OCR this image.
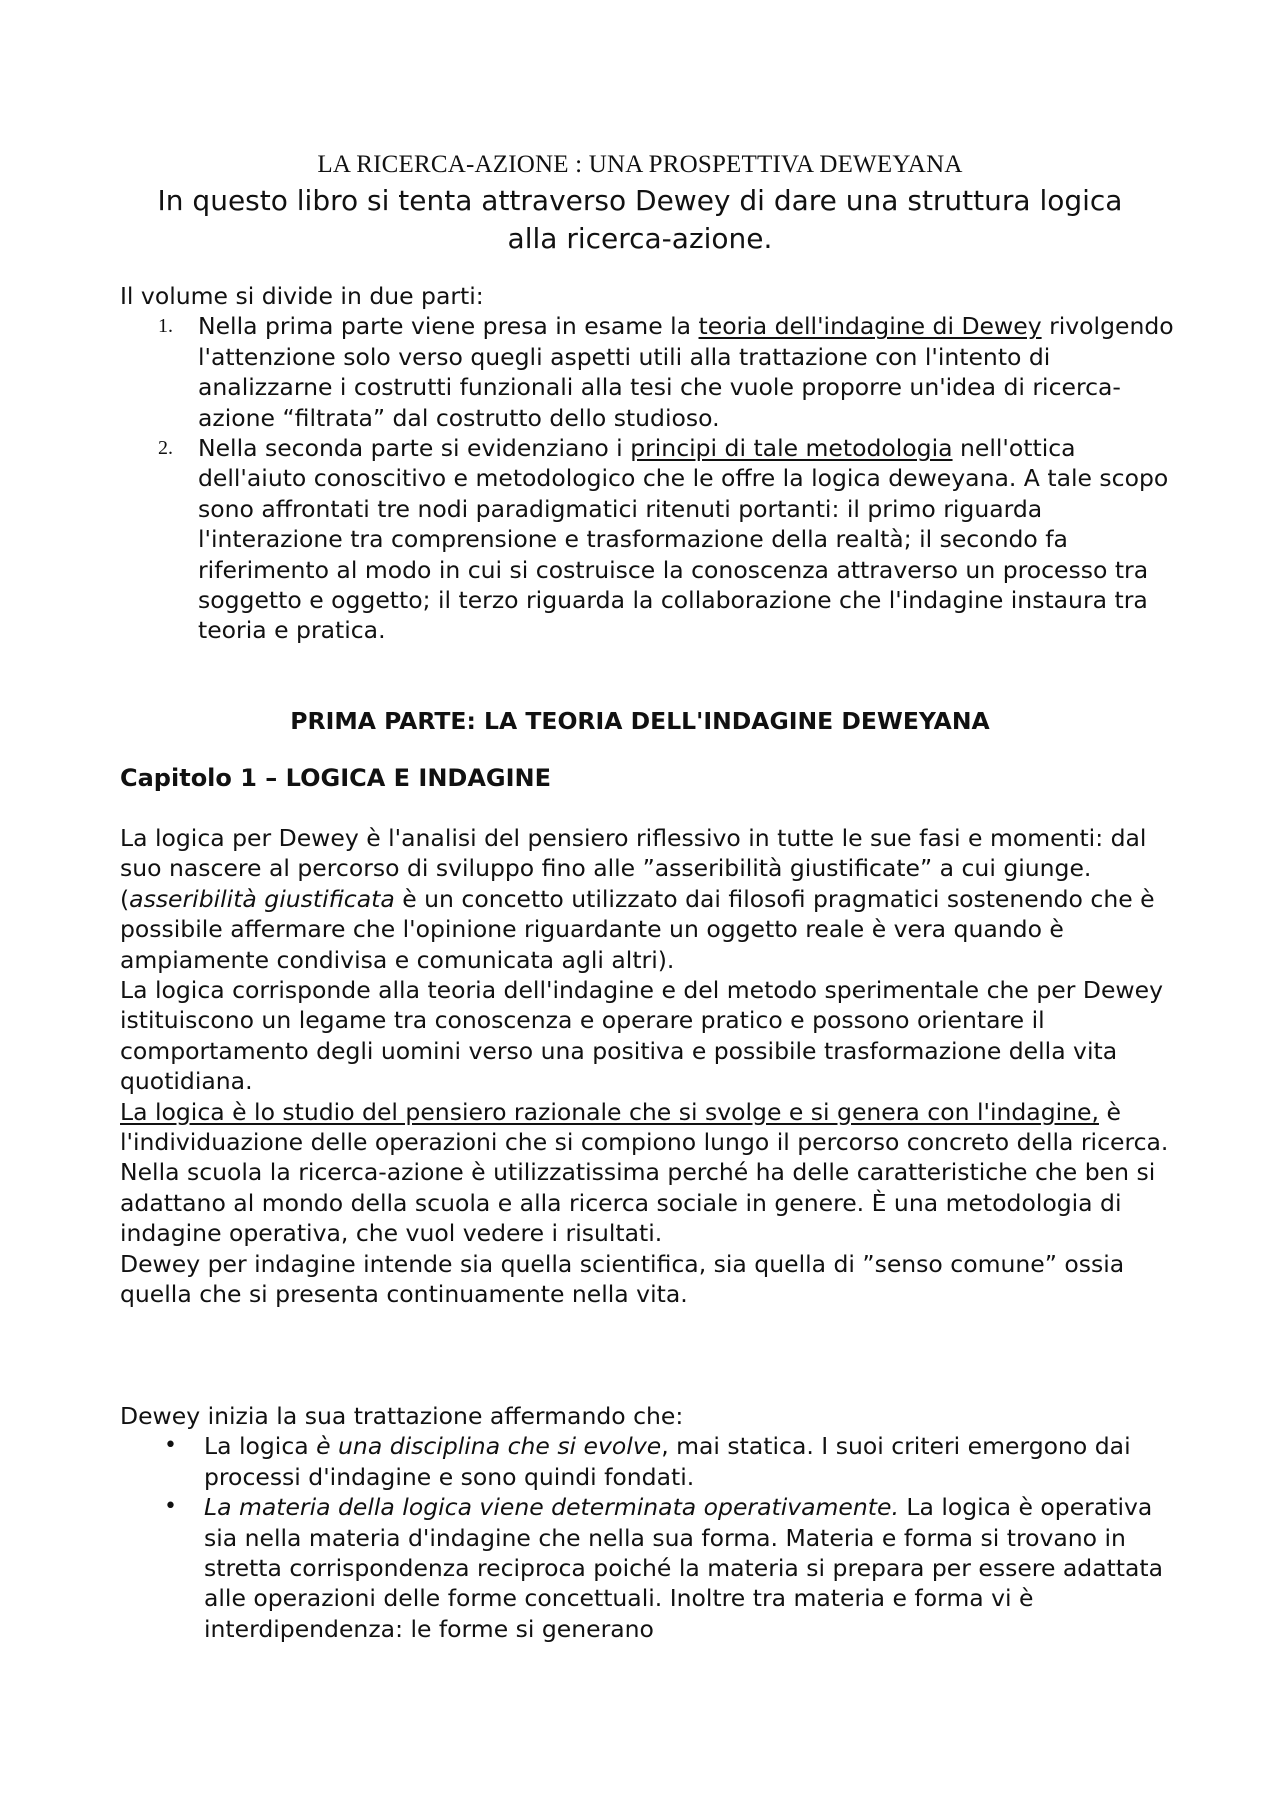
LA RICERCA-AZIONE : UNA PROSPETTIVA DEWEYANA
In questo libro si tenta attraverso Dewey di dare una struttura logica alla ricerca-azione.

Il volume si divide in due parti:

1. Nella prima parte viene presa in esame la teoria dell'indagine di Dewey rivolgendo l'attenzione solo verso quegli aspetti utili alla trattazione con l'intento di analizzarne i costrutti funzionali alla tesi che vuole proporre un'idea di ricerca-azione “filtrata” dal costrutto dello studioso.
2. Nella seconda parte si evidenziano i principi di tale metodologia nell'ottica dell'aiuto conoscitivo e metodologico che le offre la logica deweyana. A tale scopo sono affrontati tre nodi paradigmatici ritenuti portanti: il primo riguarda l'interazione tra comprensione e trasformazione della realtà; il secondo fa riferimento al modo in cui si costruisce la conoscenza attraverso un processo tra soggetto e oggetto; il terzo riguarda la collaborazione che l'indagine instaura tra teoria e pratica.
PRIMA PARTE: LA TEORIA DELL'INDAGINE DEWEYANA
Capitolo 1 – LOGICA E INDAGINE

La logica per Dewey è l'analisi del pensiero riflessivo in tutte le sue fasi e momenti: dal suo nascere al percorso di sviluppo fino alle ”asseribilità giustificate” a cui giunge. (asseribilità giustificata è un concetto utilizzato dai filosofi pragmatici sostenendo che è possibile affermare che l'opinione riguardante un oggetto reale è vera quando è ampiamente condivisa e comunicata agli altri).

La logica corrisponde alla teoria dell'indagine e del metodo sperimentale che per Dewey istituiscono un legame tra conoscenza e operare pratico e possono orientare il comportamento degli uomini verso una positiva e possibile trasformazione della vita quotidiana.

La logica è lo studio del pensiero razionale che si svolge e si genera con l'indagine, è l'individuazione delle operazioni che si compiono lungo il percorso concreto della ricerca.

Nella scuola la ricerca-azione è utilizzatissima perché ha delle caratteristiche che ben si adattano al mondo della scuola e alla ricerca sociale in genere. È una metodologia di indagine operativa, che vuol vedere i risultati.

Dewey per indagine intende sia quella scientifica, sia quella di ”senso comune” ossia quella che si presenta continuamente nella vita.

Dewey inizia la sua trattazione affermando che:

• La logica è una disciplina che si evolve, mai statica. I suoi criteri emergono dai processi d'indagine e sono quindi fondati.
• La materia della logica viene determinata operativamente. La logica è operativa sia nella materia d'indagine che nella sua forma. Materia e forma si trovano in stretta corrispondenza reciproca poiché la materia si prepara per essere adattata alle operazioni delle forme concettuali. Inoltre tra materia e forma vi è interdipendenza: le forme si generano
